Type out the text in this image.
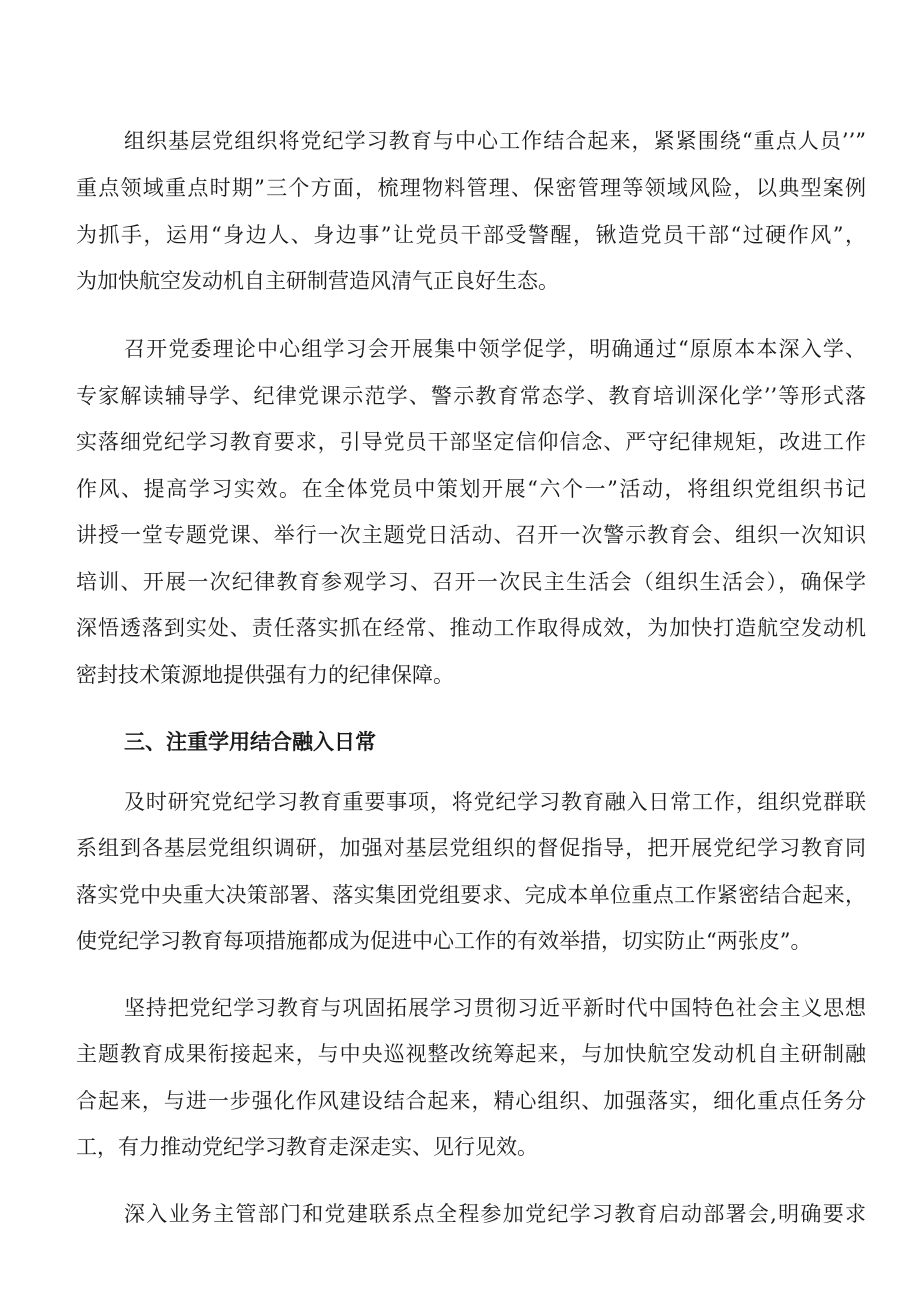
组织基层党组织将党纪学习教育与中心工作结合起来，紧紧围绕“重点人员’’”
重点领域重点时期”三个方面，梳理物料管理、保密管理等领域风险，以典型案例
为抓手，运用“身边人、身边事”让党员干部受警醒，锹造党员干部“过硬作风”，
为加快航空发动机自主研制营造风清气正良好生态。
召开党委理论中心组学习会开展集中领学促学，明确通过“原原本本深入学、
专家解读辅导学、纪律党课示范学、警示教育常态学、教育培训深化学’’等形式落
实落细党纪学习教育要求，引导党员干部坚定信仰信念、严守纪律规矩，改进工作
作风、提高学习实效。在全体党员中策划开展“六个一”活动，将组织党组织书记
讲授一堂专题党课、举行一次主题党日活动、召开一次警示教育会、组织一次知识
培训、开展一次纪律教育参观学习、召开一次民主生活会（组织生活会），确保学
深悟透落到实处、责任落实抓在经常、推动工作取得成效，为加快打造航空发动机
密封技术策源地提供强有力的纪律保障。
三、注重学用结合融入日常
及时研究党纪学习教育重要事项，将党纪学习教育融入日常工作，组织党群联
系组到各基层党组织调研，加强对基层党组织的督促指导，把开展党纪学习教育同
落实党中央重大决策部署、落实集团党组要求、完成本单位重点工作紧密结合起来，
使党纪学习教育每项措施都成为促进中心工作的有效举措，切实防止“两张皮”。
坚持把党纪学习教育与巩固拓展学习贯彻习近平新时代中国特色社会主义思想
主题教育成果衔接起来，与中央巡视整改统筹起来，与加快航空发动机自主研制融
合起来，与进一步强化作风建设结合起来，精心组织、加强落实，细化重点任务分
工，有力推动党纪学习教育走深走实、见行见效。
深入业务主管部门和党建联系点全程参加党纪学习教育启动部署会,明确要求
